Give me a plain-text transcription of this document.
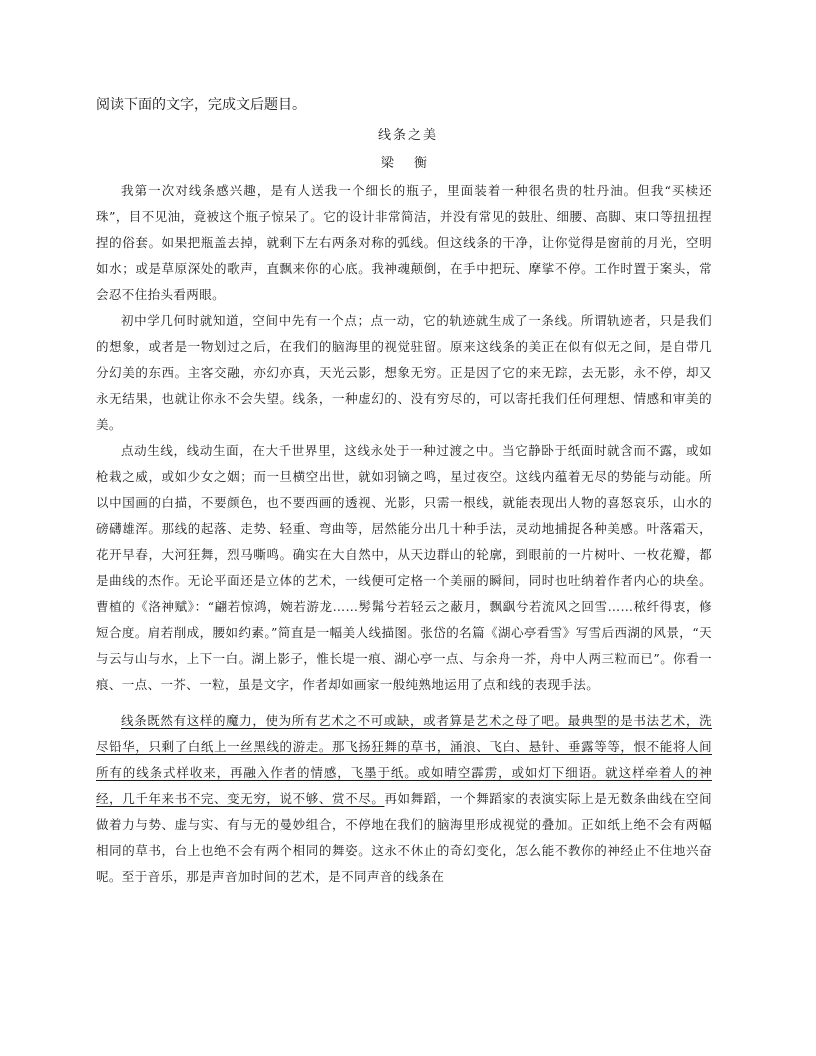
阅读下面的文字，完成文后题目。

线条之美
梁 衡

我第一次对线条感兴趣，是有人送我一个细长的瓶子，里面装着一种很名贵的牡丹油。但我“买椟还珠”，目不见油，竟被这个瓶子惊呆了。它的设计非常简洁，并没有常见的鼓肚、细腰、高脚、束口等扭扭捏捏的俗套。如果把瓶盖去掉，就剩下左右两条对称的弧线。但这线条的干净，让你觉得是窗前的月光，空明如水；或是草原深处的歌声，直飘来你的心底。我神魂颠倒，在手中把玩、摩挲不停。工作时置于案头，常会忍不住抬头看两眼。

初中学几何时就知道，空间中先有一个点；点一动，它的轨迹就生成了一条线。所谓轨迹者，只是我们的想象，或者是一物划过之后，在我们的脑海里的视觉驻留。原来这线条的美正在似有似无之间，是自带几分幻美的东西。主客交融，亦幻亦真，天光云影，想象无穷。正是因了它的来无踪，去无影，永不停，却又永无结果，也就让你永不会失望。线条，一种虚幻的、没有穷尽的，可以寄托我们任何理想、情感和审美的美。

点动生线，线动生面，在大千世界里，这线永处于一种过渡之中。当它静卧于纸面时就含而不露，或如枪栽之威，或如少女之姻；而一旦横空出世，就如羽镝之鸣，星过夜空。这线内蕴着无尽的势能与动能。所以中国画的白描，不要颜色，也不要西画的透视、光影，只需一根线，就能表现出人物的喜怒哀乐，山水的磅礴雄浑。那线的起落、走势、轻重、弯曲等，居然能分出几十种手法，灵动地捕捉各种美感。叶落霜天，花开早春，大河狂舞，烈马嘶鸣。确实在大自然中，从天边群山的轮廓，到眼前的一片树叶、一枚花瓣，都是曲线的杰作。无论平面还是立体的艺术，一线便可定格一个美丽的瞬间，同时也吐纳着作者内心的块垒。曹植的《洛神赋》：“翩若惊鸿，婉若游龙……髣髴兮若轻云之蔽月，飘飖兮若流风之回雪……秾纤得衷，修短合度。肩若削成，腰如约素。”简直是一幅美人线描图。张岱的名篇《湖心亭看雪》写雪后西湖的风景，“天与云与山与水，上下一白。湖上影子，惟长堤一痕、湖心亭一点、与余舟一芥，舟中人两三粒而已”。你看一痕、一点、一芥、一粒，虽是文字，作者却如画家一般纯熟地运用了点和线的表现手法。

线条既然有这样的魔力，使为所有艺术之不可或缺，或者算是艺术之母了吧。最典型的是书法艺术，洗尽铅华，只剩了白纸上一丝黑线的游走。那飞扬狂舞的草书，涌浪、飞白、悬针、垂露等等，恨不能将人间所有的线条式样收来，再融入作者的情感，飞墨于纸。或如晴空霹雳，或如灯下细语。就这样牵着人的神经，几千年来书不完、变无穷，说不够、赏不尽。再如舞蹈，一个舞蹈家的表演实际上是无数条曲线在空间做着力与势、虚与实、有与无的曼妙组合，不停地在我们的脑海里形成视觉的叠加。正如纸上绝不会有两幅相同的草书，台上也绝不会有两个相同的舞姿。这永不休止的奇幻变化，怎么能不教你的神经止不住地兴奋呢。至于音乐，那是声音加时间的艺术，是不同声音的线条在
